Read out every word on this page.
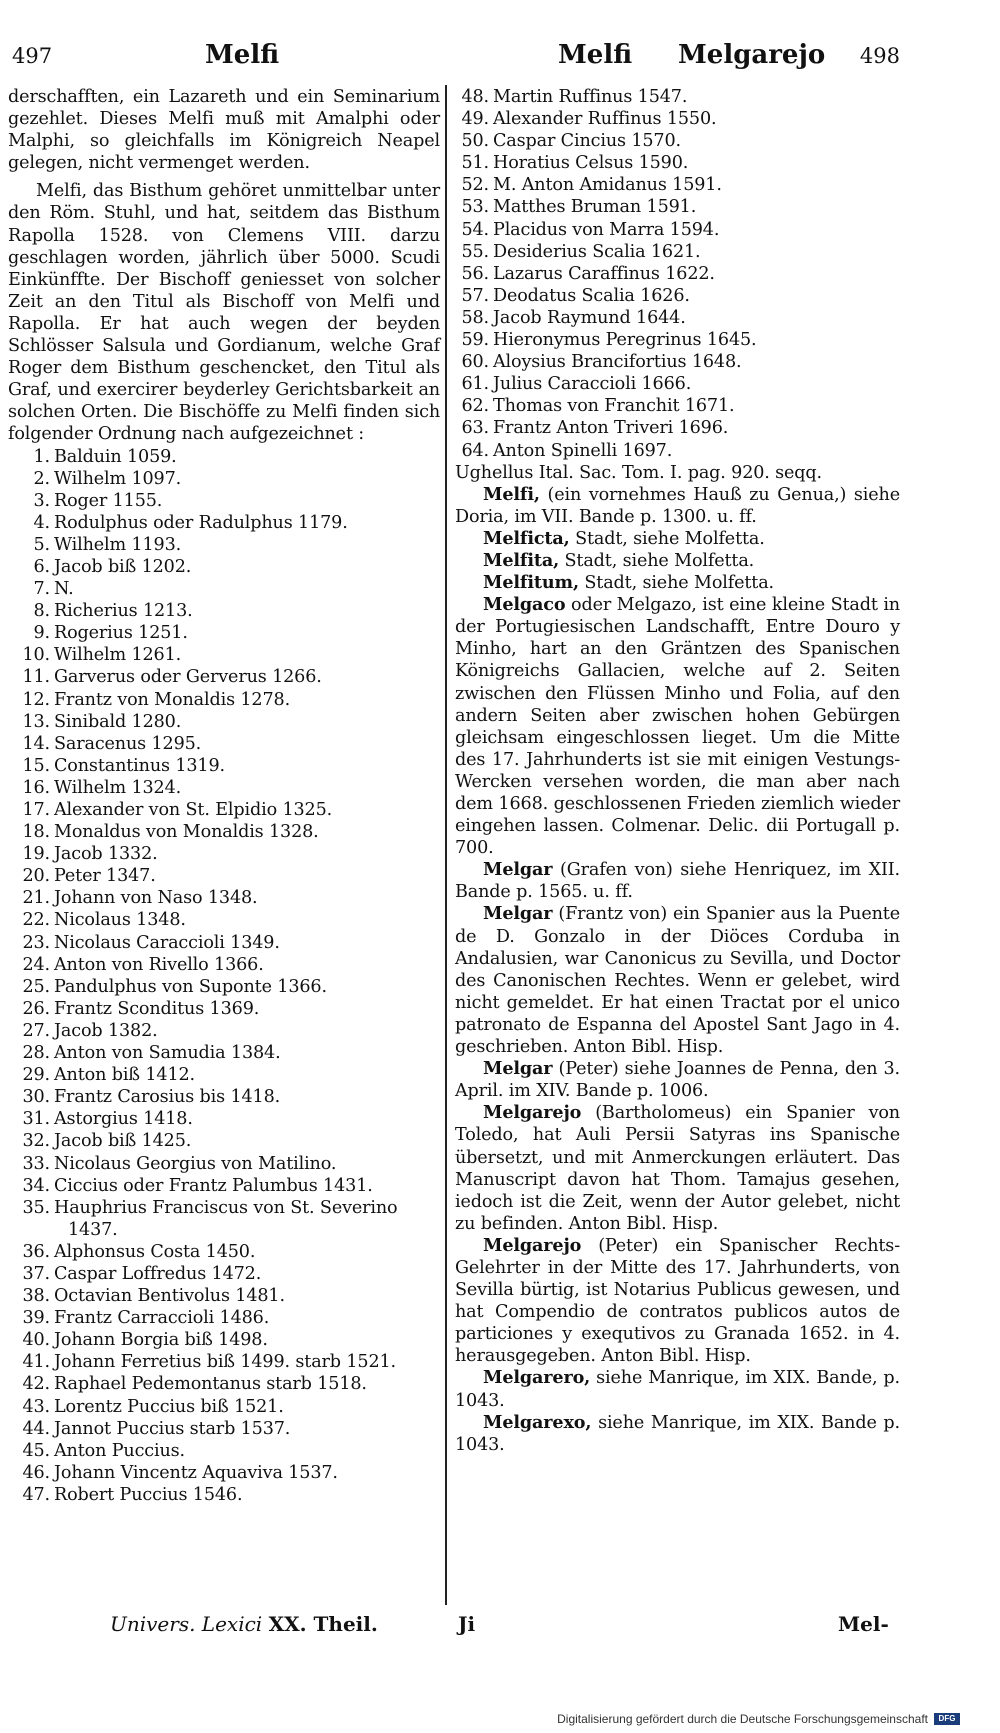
497	Melfi	Melfi Melgarejo 498

derschafften, ein Lazareth und ein Seminarium gezehlet. Dieses Melfi muß mit Amalphi oder Malphi, so gleichfalls im Königreich Neapel gelegen, nicht vermenget werden.

Melfi, das Bisthum gehöret unmittelbar unter den Röm. Stuhl, und hat, seitdem das Bisthum Rapolla 1528. von Clemens VIII. darzu geschlagen worden, jährlich über 5000. Scudi Einkünffte. Der Bischoff geniesset von solcher Zeit an den Titul als Bischoff von Melfi und Rapolla. Er hat auch wegen der beyden Schlösser Salsula und Gordianum, welche Graf Roger dem Bisthum geschencket, den Titul als Graf, und exercirer beyderley Gerichtsbarkeit an solchen Orten. Die Bischöffe zu Melfi finden sich folgender Ordnung nach aufgezeichnet :

1. Balduin 1059.
2. Wilhelm 1097.
3. Roger 1155.
4. Rodulphus oder Radulphus 1179.
5. Wilhelm 1193.
6. Jacob biß 1202.
7. N.
8. Richerius 1213.
9. Rogerius 1251.
10. Wilhelm 1261.
11. Garverus oder Gerverus 1266.
12. Frantz von Monaldis 1278.
13. Sinibald 1280.
14. Saracenus 1295.
15. Constantinus 1319.
16. Wilhelm 1324.
17. Alexander von St. Elpidio 1325.
18. Monaldus von Monaldis 1328.
19. Jacob 1332.
20. Peter 1347.
21. Johann von Naso 1348.
22. Nicolaus 1348.
23. Nicolaus Caraccioli 1349.
24. Anton von Rivello 1366.
25. Pandulphus von Suponte 1366.
26. Frantz Sconditus 1369.
27. Jacob 1382.
28. Anton von Samudia 1384.
29. Anton biß 1412.
30. Frantz Carosius bis 1418.
31. Astorgius 1418.
32. Jacob biß 1425.
33. Nicolaus Georgius von Matilino.
34. Ciccius oder Frantz Palumbus 1431.
35. Hauphrius Franciscus von St. Severino
1437.
36. Alphonsus Costa 1450.
37. Caspar Loffredus 1472.
38. Octavian Bentivolus 1481.
39. Frantz Carraccioli 1486.
40. Johann Borgia biß 1498.
41. Johann Ferretius biß 1499. starb 1521.
42. Raphael Pedemontanus starb 1518.
43. Lorentz Puccius biß 1521.
44. Jannot Puccius starb 1537.
45. Anton Puccius.
46. Johann Vincentz Aquaviva 1537.
47. Robert Puccius 1546.
48. Martin Ruffinus 1547.
49. Alexander Ruffinus 1550.
50. Caspar Cincius 1570.
51. Horatius Celsus 1590.
52. M. Anton Amidanus 1591.
53. Matthes Bruman 1591.
54. Placidus von Marra 1594.
55. Desiderius Scalia 1621.
56. Lazarus Caraffinus 1622.
57. Deodatus Scalia 1626.
58. Jacob Raymund 1644.
59. Hieronymus Peregrinus 1645.
60. Aloysius Brancifortius 1648.
61. Julius Caraccioli 1666.
62. Thomas von Franchit 1671.
63. Frantz Anton Triveri 1696.
64. Anton Spinelli 1697.

Ughellus Ital. Sac. Tom. I. pag. 920. seqq.

Melfi, (ein vornehmes Hauß zu Genua,) siehe Doria, im VII. Bande p. 1300. u. ff.

Melficta, Stadt, siehe Molfetta.

Melfita, Stadt, siehe Molfetta.

Melfitum, Stadt, siehe Molfetta.

Melgaco oder Melgazo, ist eine kleine Stadt in der Portugiesischen Landschafft, Entre Douro y Minho, hart an den Gräntzen des Spanischen Königreichs Gallacien, welche auf 2. Seiten zwischen den Flüssen Minho und Folia, auf den andern Seiten aber zwischen hohen Gebürgen gleichsam eingeschlossen lieget. Um die Mitte des 17. Jahrhunderts ist sie mit einigen Vestungs-Wercken versehen worden, die man aber nach dem 1668. geschlossenen Frieden ziemlich wieder eingehen lassen. Colmenar. Delic. dii Portugall p. 700.

Melgar (Grafen von) siehe Henriquez, im XII. Bande p. 1565. u. ff.

Melgar (Frantz von) ein Spanier aus la Puente de D. Gonzalo in der Diöces Corduba in Andalusien, war Canonicus zu Sevilla, und Doctor des Canonischen Rechtes. Wenn er gelebet, wird nicht gemeldet. Er hat einen Tractat por el unico patronato de Espanna del Apostel Sant Jago in 4. geschrieben. Anton Bibl. Hisp.

Melgar (Peter) siehe Joannes de Penna, den 3. April. im XIV. Bande p. 1006.

Melgarejo (Bartholomeus) ein Spanier von Toledo, hat Auli Persii Satyras ins Spanische übersetzt, und mit Anmerckungen erläutert. Das Manuscript davon hat Thom. Tamajus gesehen, iedoch ist die Zeit, wenn der Autor gelebet, nicht zu befinden. Anton Bibl. Hisp.

Melgarejo (Peter) ein Spanischer Rechts-Gelehrter in der Mitte des 17. Jahrhunderts, von Sevilla bürtig, ist Notarius Publicus gewesen, und hat Compendio de contratos publicos autos de particiones y exequtivos zu Granada 1652. in 4. herausgegeben. Anton Bibl. Hisp.

Melgarero, siehe Manrique, im XIX. Bande, p. 1043.

Melgarexo, siehe Manrique, im XIX. Bande p. 1043.

Univers. Lexici XX. Theil.	Ji	Mel-
Digitalisierung gefördert durch die Deutsche Forschungsgemeinschaft	DFG
